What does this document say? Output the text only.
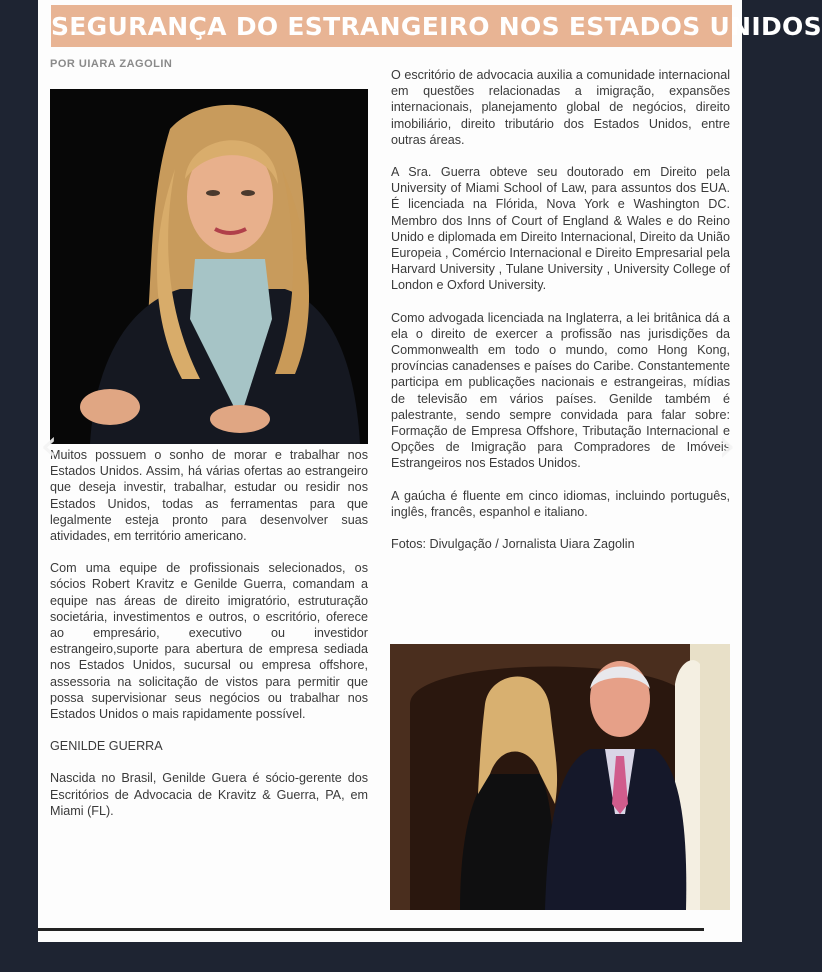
SEGURANÇA DO ESTRANGEIRO NOS ESTADOS UNIDOS
POR UIARA ZAGOLIN

Muitos possuem o sonho de morar e trabalhar nos Estados Unidos. Assim, há várias ofertas ao estrangeiro que deseja investir, trabalhar, estudar ou residir nos Estados Unidos, todas as ferramentas para que legalmente esteja pronto para desenvolver suas atividades, em território americano.

Com uma equipe de profissionais selecionados, os sócios Robert Kravitz e Genilde Guerra, comandam a equipe nas áreas de direito imigratório, estruturação societária, investimentos e outros, o escritório, oferece ao empresário, executivo ou investidor estrangeiro,suporte para abertura de empresa sediada nos Estados Unidos, sucursal ou empresa offshore, assessoria na solicitação de vistos para permitir que possa supervisionar seus negócios ou trabalhar nos Estados Unidos o mais rapidamente possível.

GENILDE GUERRA

Nascida no Brasil, Genilde Guera é sócio-gerente dos Escritórios de Advocacia de Kravitz & Guerra, PA, em Miami (FL).

O escritório de advocacia auxilia a comunidade internacional em questões relacionadas a imigração, expansões internacionais, planejamento global de negócios, direito imobiliário, direito tributário dos Estados Unidos, entre outras áreas.

A Sra. Guerra obteve seu doutorado em Direito pela University of Miami School of Law, para assuntos dos EUA. É licenciada na Flórida, Nova York e Washington DC. Membro dos Inns of Court of England & Wales e do Reino Unido e diplomada em Direito Internacional, Direito da União Europeia , Comércio Internacional e Direito Empresarial pela Harvard University , Tulane University , University College of London e Oxford University.

Como advogada licenciada na Inglaterra, a lei britânica dá a ela o direito de exercer a profissão nas jurisdições da Commonwealth em todo o mundo, como Hong Kong, províncias canadenses e países do Caribe. Constantemente participa em publicações nacionais e estrangeiras, mídias de televisão em vários países. Genilde também é palestrante, sendo sempre convidada para falar sobre: Formação de Empresa Offshore, Tributação Internacional e Opções de Imigração para Compradores de Imóveis Estrangeiros nos Estados Unidos.

A gaúcha é fluente em cinco idiomas, incluindo português, inglês, francês, espanhol e italiano.

Fotos: Divulgação / Jornalista Uiara Zagolin

‹	›
